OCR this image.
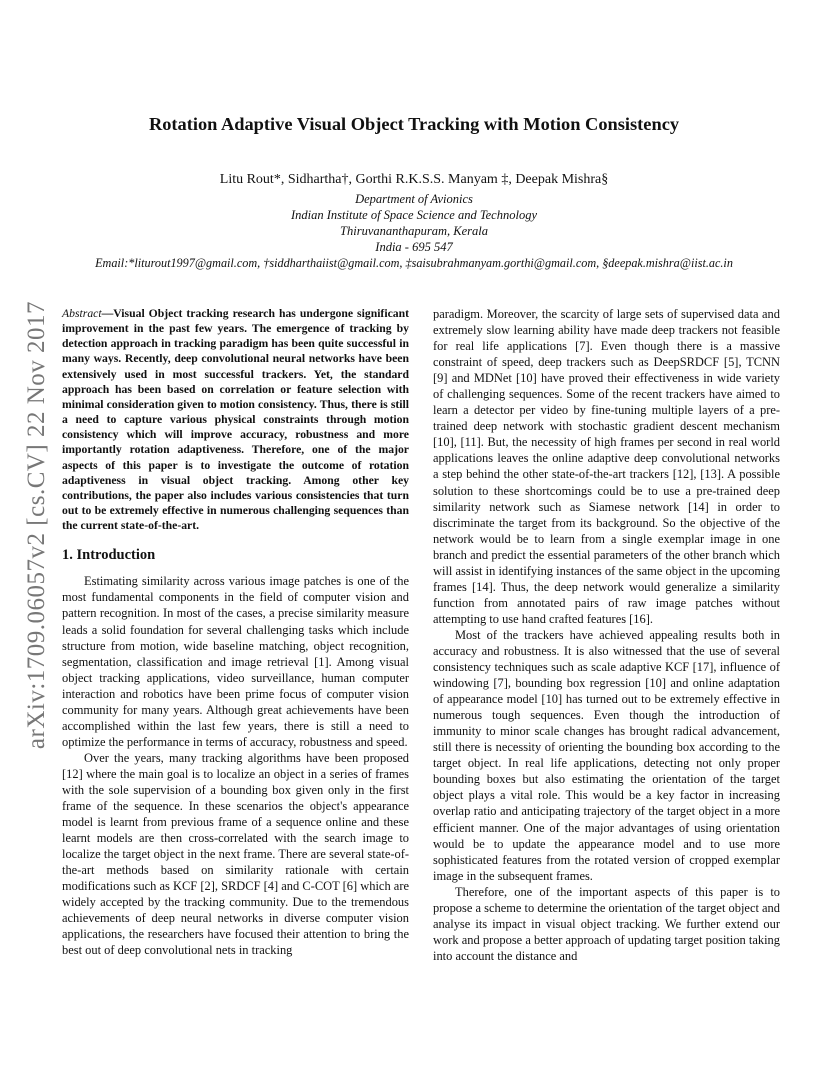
arXiv:1709.06057v2 [cs.CV] 22 Nov 2017
Rotation Adaptive Visual Object Tracking with Motion Consistency
Litu Rout*, Sidhartha†, Gorthi R.K.S.S. Manyam ‡, Deepak Mishra§
Department of Avionics
Indian Institute of Space Science and Technology
Thiruvananthapuram, Kerala
India - 695 547
Email:*liturout1997@gmail.com, †siddharthaiist@gmail.com, ‡saisubrahmanyam.gorthi@gmail.com, §deepak.mishra@iist.ac.in

Abstract—Visual Object tracking research has undergone significant improvement in the past few years. The emergence of tracking by detection approach in tracking paradigm has been quite successful in many ways. Recently, deep convolutional neural networks have been extensively used in most successful trackers. Yet, the standard approach has been based on correlation or feature selection with minimal consideration given to motion consistency. Thus, there is still a need to capture various physical constraints through motion consistency which will improve accuracy, robustness and more importantly rotation adaptiveness. Therefore, one of the major aspects of this paper is to investigate the outcome of rotation adaptiveness in visual object tracking. Among other key contributions, the paper also includes various consistencies that turn out to be extremely effective in numerous challenging sequences than the current state-of-the-art.

1. Introduction

Estimating similarity across various image patches is one of the most fundamental components in the field of computer vision and pattern recognition. In most of the cases, a precise similarity measure leads a solid foundation for several challenging tasks which include structure from motion, wide baseline matching, object recognition, segmentation, classification and image retrieval [1]. Among visual object tracking applications, video surveillance, human computer interaction and robotics have been prime focus of computer vision community for many years. Although great achievements have been accomplished within the last few years, there is still a need to optimize the performance in terms of accuracy, robustness and speed.

Over the years, many tracking algorithms have been proposed [12] where the main goal is to localize an object in a series of frames with the sole supervision of a bounding box given only in the first frame of the sequence. In these scenarios the object's appearance model is learnt from previous frame of a sequence online and these learnt models are then cross-correlated with the search image to localize the target object in the next frame. There are several state-of-the-art methods based on similarity rationale with certain modifications such as KCF [2], SRDCF [4] and C-COT [6] which are widely accepted by the tracking community. Due to the tremendous achievements of deep neural networks in diverse computer vision applications, the researchers have focused their attention to bring the best out of deep convolutional nets in tracking

paradigm. Moreover, the scarcity of large sets of supervised data and extremely slow learning ability have made deep trackers not feasible for real life applications [7]. Even though there is a massive constraint of speed, deep trackers such as DeepSRDCF [5], TCNN [9] and MDNet [10] have proved their effectiveness in wide variety of challenging sequences. Some of the recent trackers have aimed to learn a detector per video by fine-tuning multiple layers of a pre-trained deep network with stochastic gradient descent mechanism [10], [11]. But, the necessity of high frames per second in real world applications leaves the online adaptive deep convolutional networks a step behind the other state-of-the-art trackers [12], [13]. A possible solution to these shortcomings could be to use a pre-trained deep similarity network such as Siamese network [14] in order to discriminate the target from its background. So the objective of the network would be to learn from a single exemplar image in one branch and predict the essential parameters of the other branch which will assist in identifying instances of the same object in the upcoming frames [14]. Thus, the deep network would generalize a similarity function from annotated pairs of raw image patches without attempting to use hand crafted features [16].

Most of the trackers have achieved appealing results both in accuracy and robustness. It is also witnessed that the use of several consistency techniques such as scale adaptive KCF [17], influence of windowing [7], bounding box regression [10] and online adaptation of appearance model [10] has turned out to be extremely effective in numerous tough sequences. Even though the introduction of immunity to minor scale changes has brought radical advancement, still there is necessity of orienting the bounding box according to the target object. In real life applications, detecting not only proper bounding boxes but also estimating the orientation of the target object plays a vital role. This would be a key factor in increasing overlap ratio and anticipating trajectory of the target object in a more efficient manner. One of the major advantages of using orientation would be to update the appearance model and to use more sophisticated features from the rotated version of cropped exemplar image in the subsequent frames.

Therefore, one of the important aspects of this paper is to propose a scheme to determine the orientation of the target object and analyse its impact in visual object tracking. We further extend our work and propose a better approach of updating target position taking into account the distance and
